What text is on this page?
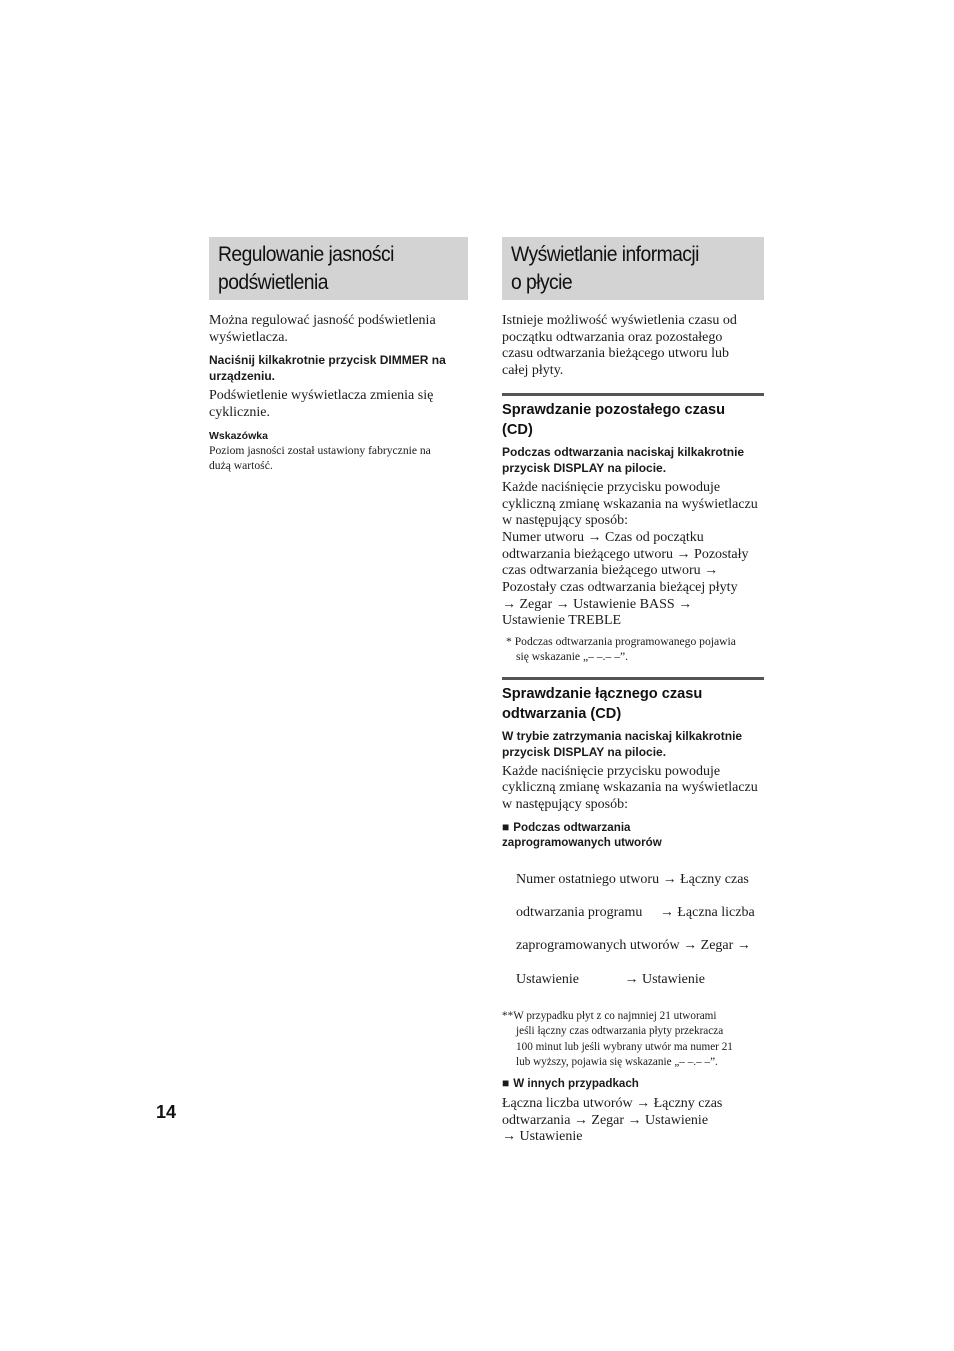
Regulowanie jasności
podświetlenia

Można regulować jasność podświetlenia
wyświetlacza.

Naciśnij kilkakrotnie przycisk DIMMER na
urządzeniu.

Podświetlenie wyświetlacza zmienia się
cyklicznie.

Wskazówka

Poziom jasności został ustawiony fabrycznie na
dużą wartość.

Wyświetlanie informacji
o płycie

Istnieje możliwość wyświetlenia czasu od
początku odtwarzania oraz pozostałego
czasu odtwarzania bieżącego utworu lub
całej płyty.

Sprawdzanie pozostałego czasu
(CD)

Podczas odtwarzania naciskaj kilkakrotnie
przycisk DISPLAY na pilocie.

Każde naciśnięcie przycisku powoduje
cykliczną zmianę wskazania na wyświetlaczu
w następujący sposób:
Numer utworu → Czas od początku
odtwarzania bieżącego utworu → Pozostały
czas odtwarzania bieżącego utworu →
Pozostały czas odtwarzania bieżącej płyty
→ Zegar → Ustawienie BASS →
Ustawienie TREBLE

* Podczas odtwarzania programowanego pojawia
się wskazanie „– –.– –”.

Sprawdzanie łącznego czasu
odtwarzania (CD)

W trybie zatrzymania naciskaj kilkakrotnie
przycisk DISPLAY na pilocie.

Każde naciśnięcie przycisku powoduje
cykliczną zmianę wskazania na wyświetlaczu
w następujący sposób:

■ Podczas odtwarzania
zaprogramowanych utworów

Numer ostatniego utworu → Łączny czas

odtwarzania programu     → Łączna liczba

zaprogramowanych utworów → Zegar →

Ustawienie             → Ustawienie

**W przypadku płyt z co najmniej 21 utworami
jeśli łączny czas odtwarzania płyty przekracza
100 minut lub jeśli wybrany utwór ma numer 21
lub wyższy, pojawia się wskazanie „– –.– –”.

■ W innych przypadkach

Łączna liczba utworów → Łączny czas
odtwarzania → Zegar → Ustawienie
→ Ustawienie

14
